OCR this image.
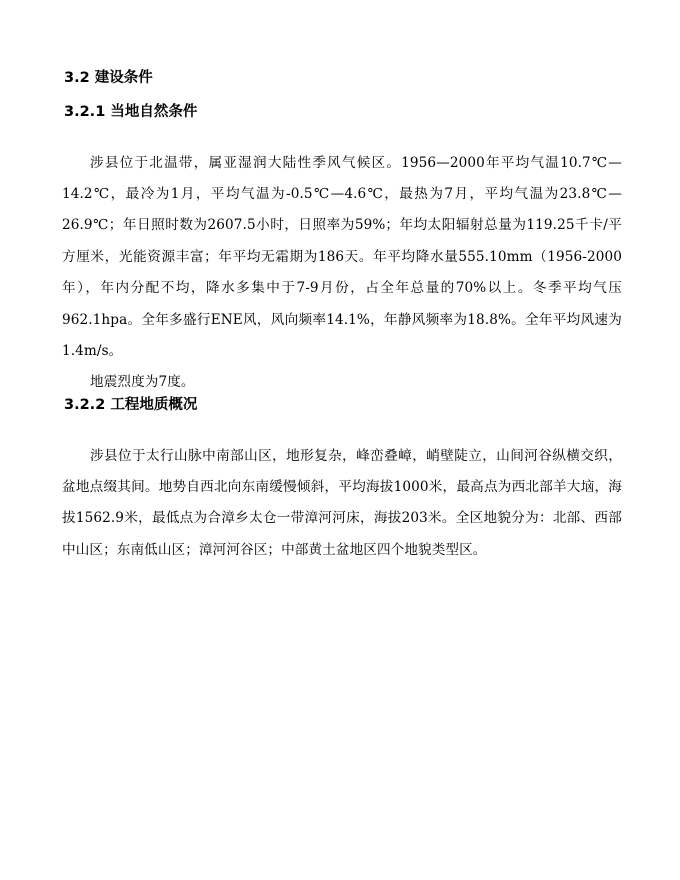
3.2 建设条件
3.2.1 当地自然条件

涉县位于北温带，属亚湿润大陆性季风气候区。1956—2000年平均气温10.7℃—14.2℃，最冷为1月，平均气温为-0.5℃—4.6℃，最热为7月，平均气温为23.8℃—26.9℃；年日照时数为2607.5小时，日照率为59%；年均太阳辐射总量为119.25千卡/平方厘米，光能资源丰富；年平均无霜期为186天。年平均降水量555.10mm（1956-2000年），年内分配不均，降水多集中于7-9月份，占全年总量的70%以上。冬季平均气压962.1hpa。全年多盛行ENE风，风向频率14.1%，年静风频率为18.8%。全年平均风速为1.4m/s。

地震烈度为7度。

3.2.2 工程地质概况

涉县位于太行山脉中南部山区，地形复杂，峰峦叠嶂，峭壁陡立，山间河谷纵横交织，盆地点缀其间。地势自西北向东南缓慢倾斜，平均海拔1000米，最高点为西北部羊大垴，海拔1562.9米，最低点为合漳乡太仓一带漳河河床，海拔203米。全区地貌分为：北部、西部中山区；东南低山区；漳河河谷区；中部黄土盆地区四个地貌类型区。
